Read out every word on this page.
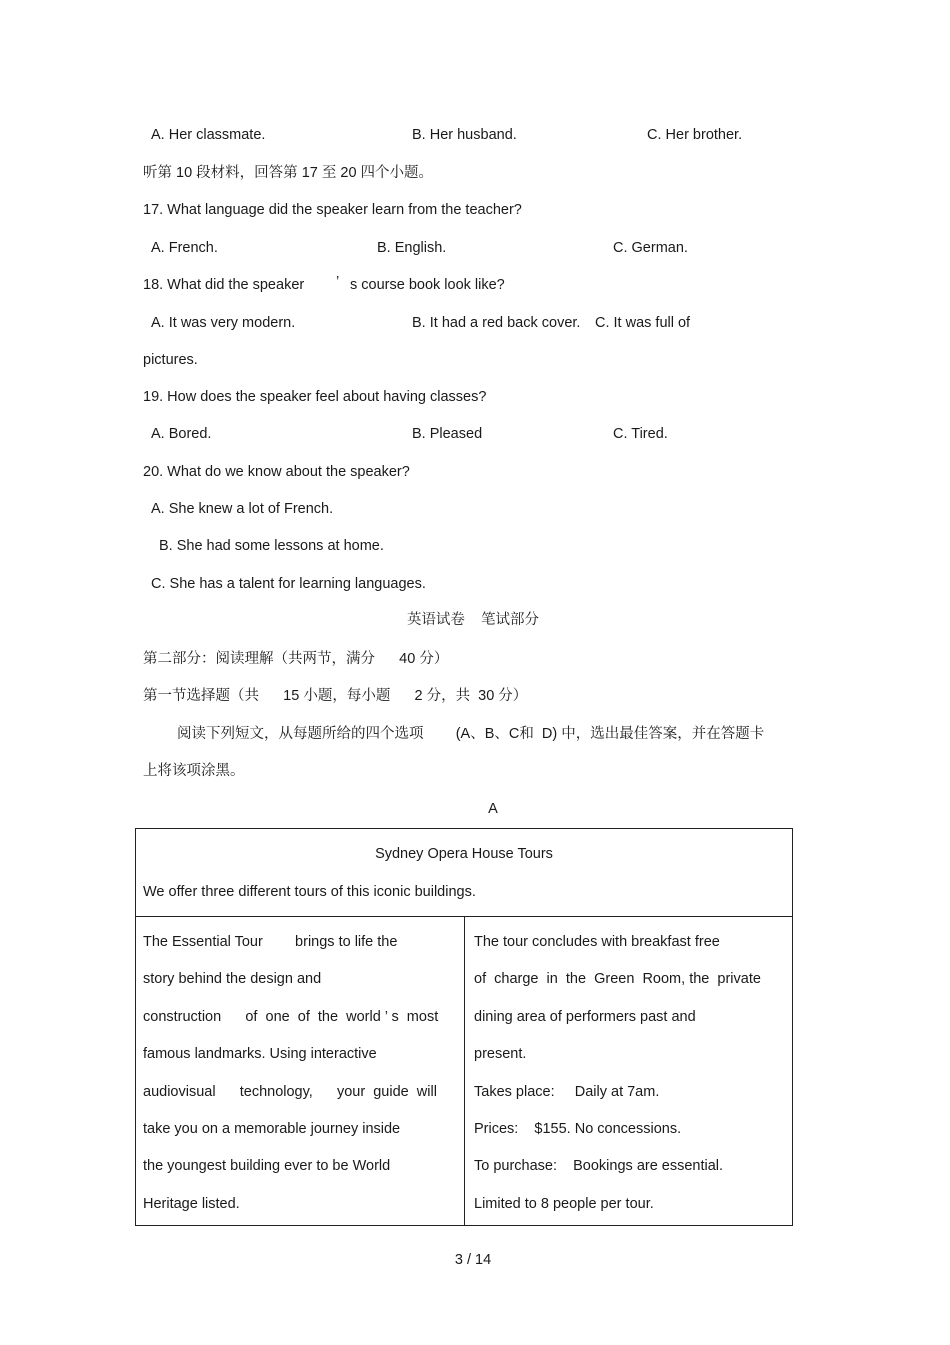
A. Her classmate.	B. Her husband.	C. Her brother.
听第 10 段材料，回答第 17 至 20 四个小题。
17. What language did the speaker learn from the teacher?
A. French.	B. English.	C. German.
18. What did the speaker ’ s course book look like?
A. It was very modern.	B. It had a red back cover. C. It was full of
pictures.
19. How does the speaker feel about having classes?
A. Bored.	B. Pleased	C. Tired.
20. What do we know about the speaker?
A. She knew a lot of French.
B. She had some lessons at home.
C. She has a talent for learning languages.
英语试卷    笔试部分
第二部分：阅读理解（共两节，满分      40 分）
第一节选择题（共      15 小题，每小题      2 分，共  30 分）
阅读下列短文，从每题所给的四个选项        (A、B、C和  D) 中，选出最佳答案，并在答题卡
上将该项涂黑。
A
Sydney Opera House Tours
We offer three different tours of this iconic buildings.
The Essential Tour        brings to life the
story behind the design and
construction      of  one  of  the  world ’ s  most
famous landmarks. Using interactive
audiovisual      technology,      your  guide  will
take you on a memorable journey inside
the youngest building ever to be World
Heritage listed.
The tour concludes with breakfast free
of  charge  in  the  Green  Room, the  private
dining area of performers past and
present.
Takes place:     Daily at 7am.
Prices:    $155. No concessions.
To purchase:    Bookings are essential.
Limited to 8 people per tour.
3 / 14
